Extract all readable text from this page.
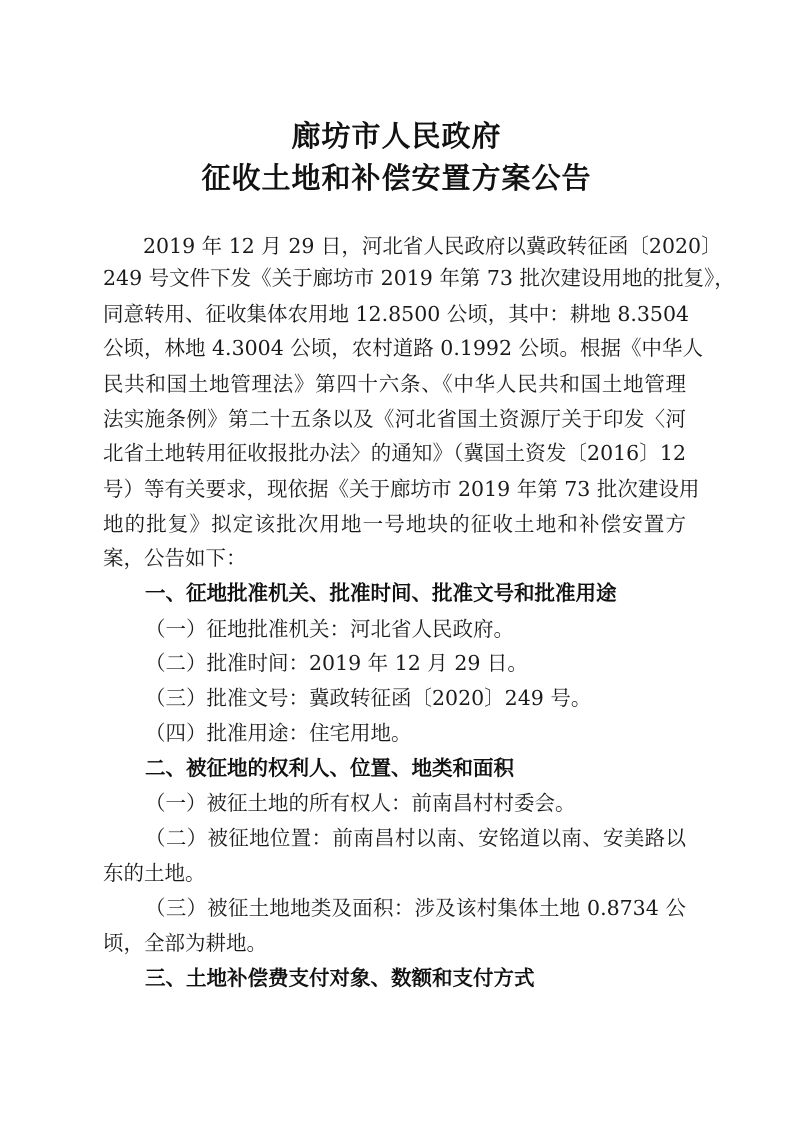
廊坊市人民政府
征收土地和补偿安置方案公告
2019 年 12 月 29 日，河北省人民政府以冀政转征函〔2020〕
249 号文件下发《关于廊坊市 2019 年第 73 批次建设用地的批复》，
同意转用、征收集体农用地 12.8500 公顷，其中：耕地 8.3504
公顷，林地 4.3004 公顷，农村道路 0.1992 公顷。根据《中华人
民共和国土地管理法》第四十六条、《中华人民共和国土地管理
法实施条例》第二十五条以及《河北省国土资源厅关于印发〈河
北省土地转用征收报批办法〉的通知》（冀国土资发〔2016〕12
号）等有关要求，现依据《关于廊坊市 2019 年第 73 批次建设用
地的批复》拟定该批次用地一号地块的征收土地和补偿安置方
案，公告如下：
一、征地批准机关、批准时间、批准文号和批准用途
（一）征地批准机关：河北省人民政府。
（二）批准时间：2019 年 12 月 29 日。
（三）批准文号：冀政转征函〔2020〕249 号。
（四）批准用途：住宅用地。
二、被征地的权利人、位置、地类和面积
（一）被征土地的所有权人：前南昌村村委会。
（二）被征地位置：前南昌村以南、安铭道以南、安美路以
东的土地。
（三）被征土地地类及面积：涉及该村集体土地 0.8734 公
顷，全部为耕地。
三、土地补偿费支付对象、数额和支付方式
